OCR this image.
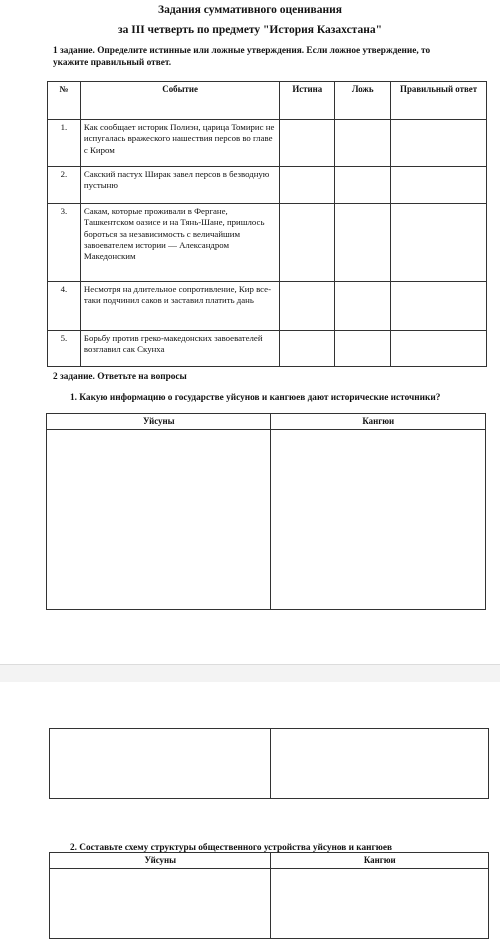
Задания суммативного оценивания
за III четверть по предмету "История Казахстана"
1 задание. Определите истинные или ложные утверждения. Если ложное утверждение, то укажите правильный ответ.
№	Событие	Истина	Ложь	Правильный ответ
1.	Как сообщает историк Полиэн, царица Томирис не испугалась вражеского нашествия персов во главе с Киром			
2.	Сакский пастух Ширак завел персов в безводную пустыню			
3.	Сакам, которые проживали в Фергане, Ташкентском оазисе и на Тянь-Шане, пришлось бороться за независимость с величайшим завоевателем истории — Александром Македонским			
4.	Несмотря на длительное сопротивление, Кир все-таки подчинил саков и заставил платить дань			
5.	Борьбу против греко-македонских завоевателей возглавил сак Скунха			
2 задание. Ответьте на вопросы
1. Какую информацию о государстве уйсунов и кангюев дают исторические источники?
Уйсуны	Кангюи

2. Составьте схему структуры общественного устройства уйсунов и кангюев
Уйсуны	Кангюи
